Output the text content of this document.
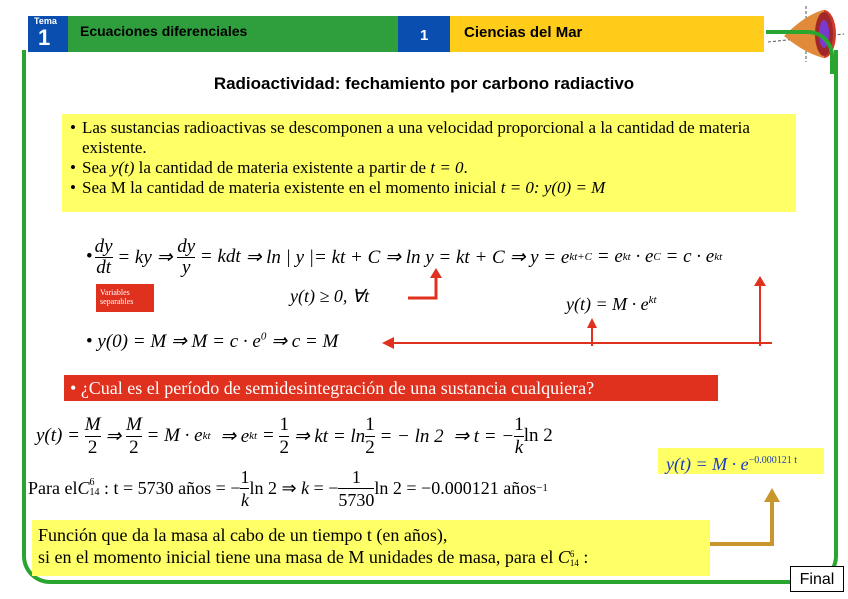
Tema
1 Ecuaciones diferenciales	1 Ciencias del Mar
Radioactividad: fechamiento por carbono radiactivo
• Las sustancias radioactivas se descomponen a una velocidad proporcional a la cantidad de materia existente.
• Sea y(t) la cantidad de materia existente a partir de t = 0.
• Sea M la cantidad de materia existente en el momento inicial t = 0: y(0) = M
• $\frac{dy}{dt}$ = ky ⇒ $\frac{dy}{y}$ = kdt ⇒ ln | y |= kt + C ⇒ ln y = kt + C ⇒ y = e kt+C = e kt · e C = c · e kt
Variables separables	y(t) ≥ 0, ∀t	$y(t) = M \cdot e^{kt}$
• y(0) = M ⇒ $M = c \cdot e^0$ ⇒ c = M
• ¿Cual es el período de semidesintegración de una sustancia cualquiera?
$y(t) = \frac{M}{2}$ ⇒ $\frac{M}{2} = M \cdot e$ kt ⇒ e kt = $\frac{1}{2}$ ⇒ kt = $\ln \frac{1}{2}$ = − ln 2  ⇒ t = − $\frac{1}{k}$ ln 2
$y(t) = M \cdot e^{-0.000121 t}$
Para el C 6
14 : t = 5730 años = − $\frac{1}{k}$ ln 2 ⇒ k = − $\frac{1}{5730}$ ln 2 = −0.000121 años −1
Función que da la masa al cabo de un tiempo t (en años),
si en el momento inicial tiene una masa de M unidades de masa, para el C 6
14 :
Final
